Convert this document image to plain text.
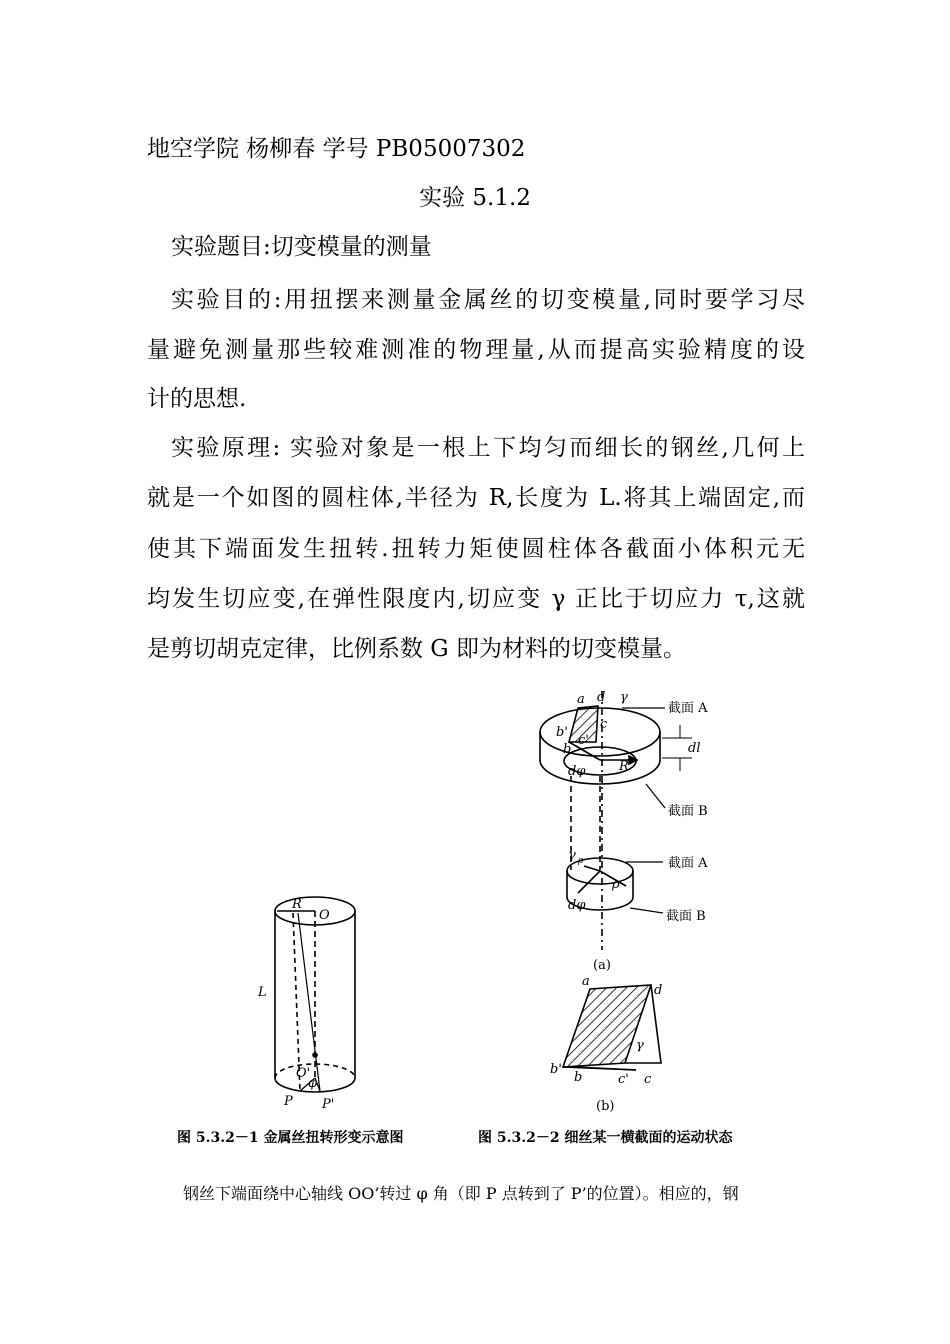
地空学院 杨柳春 学号 PB05007302
实验 5.1.2
实验题目:切变模量的测量
实验目的:用扭摆来测量金属丝的切变模量,同时要学习尽
量避免测量那些较难测准的物理量,从而提高实验精度的设
计的思想.
实验原理: 实验对象是一根上下均匀而细长的钢丝,几何上
就是一个如图的圆柱体,半径为 R,长度为 L.将其上端固定,而
使其下端面发生扭转.扭转力矩使圆柱体各截面小体积元无
均发生切应变,在弹性限度内,切应变 γ 正比于切应力 τ,这就
是剪切胡克定律，比例系数 G 即为材料的切变模量。
R
O
L
O'
φ
P P'
a d γ
截面 A
b'
c'
c
b	dl
dφ	R
截面 B
γ ρ
ρ
截面 A
dφ
截面 B
(a)
a
d
γ
b'
b	c' c
(b)
图 5.3.2－1 金属丝扭转形变示意图	图 5.3.2－2 细丝某一横截面的运动状态
钢丝下端面绕中心轴线 OO’转过 φ 角（即 P 点转到了 P’的位置）。相应的，钢
